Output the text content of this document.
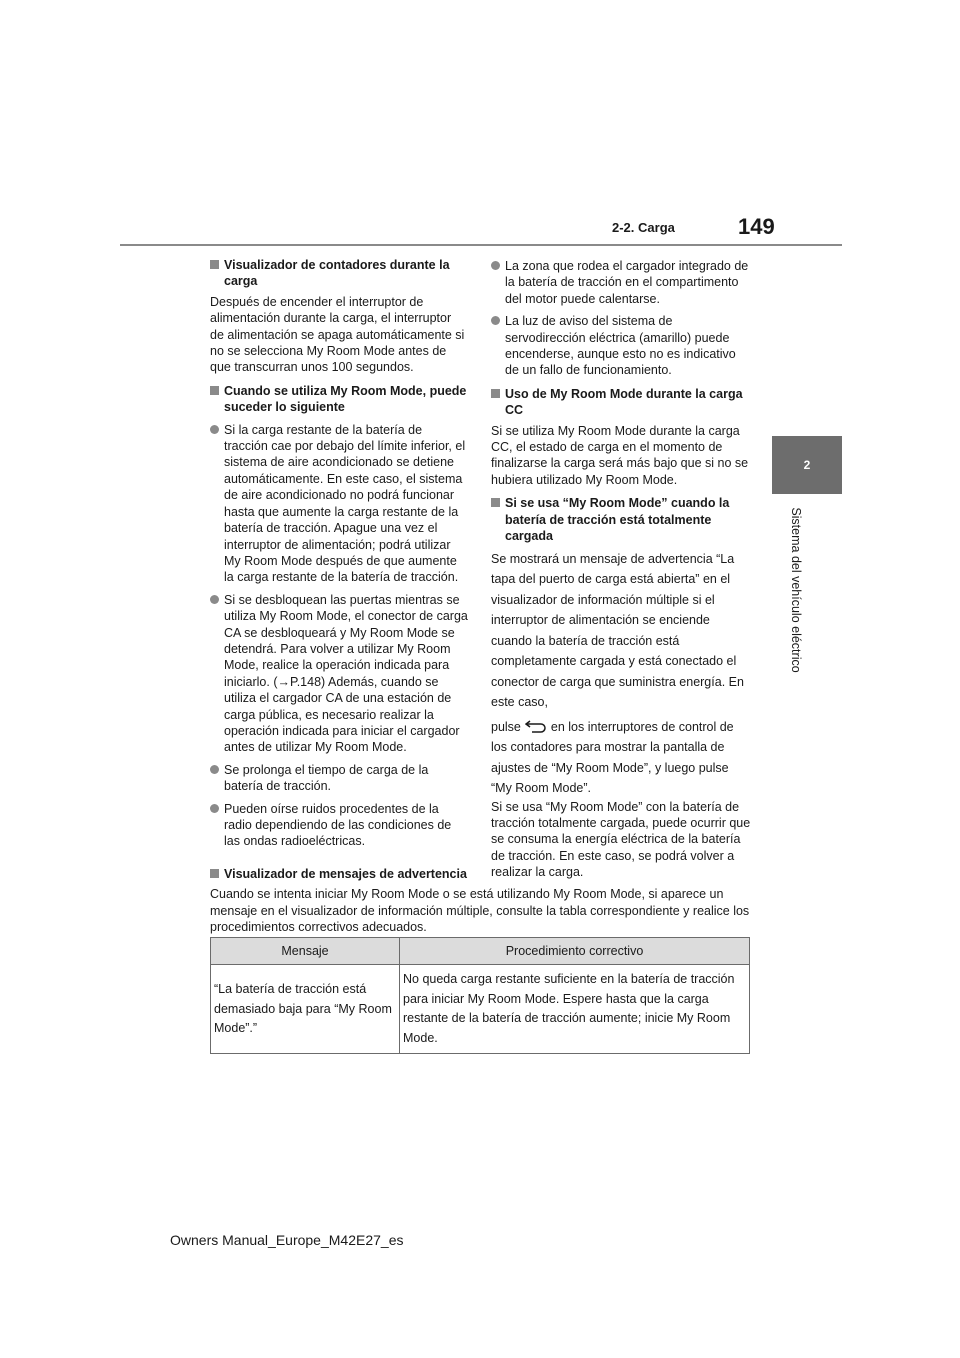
2-2. Carga	149
2
Sistema del vehículo eléctrico

Visualizador de contadores durante la carga

Después de encender el interruptor de alimentación durante la carga, el interruptor de alimentación se apaga automáticamente si no se selecciona My Room Mode antes de que transcurran unos 100 segundos.

Cuando se utiliza My Room Mode, puede suceder lo siguiente

Si la carga restante de la batería de tracción cae por debajo del límite inferior, el sistema de aire acondicionado se detiene automáticamente. En este caso, el sistema de aire acondicionado no podrá funcionar hasta que aumente la carga restante de la batería de tracción. Apague una vez el interruptor de alimentación; podrá utilizar My Room Mode después de que aumente la carga restante de la batería de tracción.

Si se desbloquean las puertas mientras se utiliza My Room Mode, el conector de carga CA se desbloqueará y My Room Mode se detendrá. Para volver a utilizar My Room Mode, realice la operación indicada para iniciarlo. (→P.148) Además, cuando se utiliza el cargador CA de una estación de carga pública, es necesario realizar la operación indicada para iniciar el cargador antes de utilizar My Room Mode.

Se prolonga el tiempo de carga de la batería de tracción.

Pueden oírse ruidos procedentes de la radio dependiendo de las condiciones de las ondas radioeléctricas.

La zona que rodea el cargador integrado de la batería de tracción en el compartimento del motor puede calentarse.

La luz de aviso del sistema de servodirección eléctrica (amarillo) puede encenderse, aunque esto no es indicativo de un fallo de funcionamiento.

Uso de My Room Mode durante la carga CC

Si se utiliza My Room Mode durante la carga CC, el estado de carga en el momento de finalizarse la carga será más bajo que si no se hubiera utilizado My Room Mode.

Si se usa “My Room Mode” cuando la batería de tracción está totalmente cargada

Se mostrará un mensaje de advertencia “La tapa del puerto de carga está abierta” en el visualizador de información múltiple si el interruptor de alimentación se enciende cuando la batería de tracción está completamente cargada y está conectado el conector de carga que suministra energía. En este caso,

pulse en los interruptores de control de

los contadores para mostrar la pantalla de ajustes de “My Room Mode”, y luego pulse “My Room Mode”.

Si se usa “My Room Mode” con la batería de tracción totalmente cargada, puede ocurrir que se consuma la energía eléctrica de la batería de tracción. En este caso, se podrá volver a realizar la carga.

Visualizador de mensajes de advertencia

Cuando se intenta iniciar My Room Mode o se está utilizando My Room Mode, si aparece un mensaje en el visualizador de información múltiple, consulte la tabla correspondiente y realice los procedimientos correctivos adecuados.

Mensaje	Procedimiento correctivo
“La batería de tracción está demasiado baja para “My Room Mode”.”	No queda carga restante suficiente en la batería de tracción para iniciar My Room Mode. Espere hasta que la carga restante de la batería de tracción aumente; inicie My Room Mode.
Owners Manual_Europe_M42E27_es
